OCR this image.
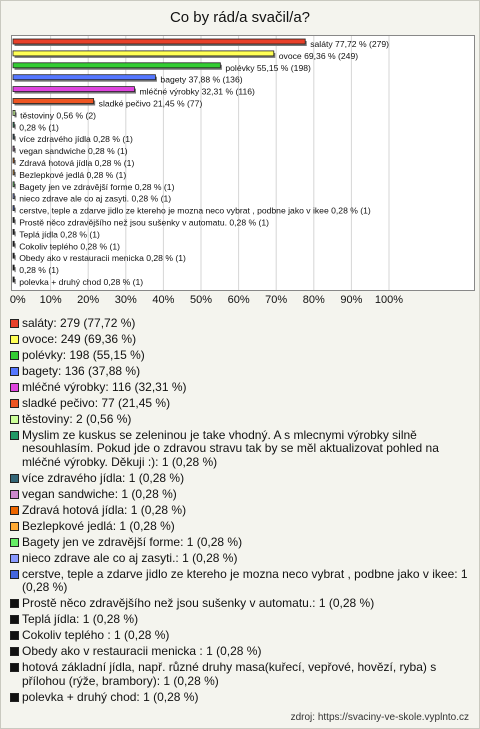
Co by rád/a svačil/a?
saláty 77,72 % (279)
ovoce 69,36 % (249)
polévky 55,15 % (198)
bagety 37,88 % (136)
mléčné výrobky 32,31 % (116)
sladké pečivo 21,45 % (77)
těstoviny 0,56 % (2)
0,28 % (1)
více zdravého jídla 0,28 % (1)
vegan sandwiche 0,28 % (1)
Zdravá hotová jídla 0,28 % (1)
Bezlepkové jedlá 0,28 % (1)
Bagety jen ve zdravější forme 0,28 % (1)
nieco zdrave ale co aj zasyti. 0,28 % (1)
cerstve, teple a zdarve jidlo ze ktereho je mozna neco vybrat , podbne jako v ikee 0,28 % (1)
Prostě něco zdravějšího než jsou sušenky v automatu. 0,28 % (1)
Teplá jídla 0,28 % (1)
Cokoliv teplého 0,28 % (1)
Obedy ako v restauracii menicka 0,28 % (1)
0,28 % (1)
polevka + druhý chod 0,28 % (1)
0% 10% 20% 30% 40% 50% 60% 70% 80% 90% 100%
saláty: 279 (77,72 %)
ovoce: 249 (69,36 %)
polévky: 198 (55,15 %)
bagety: 136 (37,88 %)
mléčné výrobky: 116 (32,31 %)
sladké pečivo: 77 (21,45 %)
těstoviny: 2 (0,56 %)
Myslim ze kuskus se zeleninou je take vhodný. A s mlecnymi výrobky silně nesouhlasím. Pokud jde o zdravou stravu tak by se měl aktualizovat pohled na mléčné výrobky. Děkuji :): 1 (0,28 %)
více zdravého jídla: 1 (0,28 %)
vegan sandwiche: 1 (0,28 %)
Zdravá hotová jídla: 1 (0,28 %)
Bezlepkové jedlá: 1 (0,28 %)
Bagety jen ve zdravější forme: 1 (0,28 %)
nieco zdrave ale co aj zasyti.: 1 (0,28 %)
cerstve, teple a zdarve jidlo ze ktereho je mozna neco vybrat , podbne jako v ikee: 1 (0,28 %)
Prostě něco zdravějšího než jsou sušenky v automatu.: 1 (0,28 %)
Teplá jídla: 1 (0,28 %)
Cokoliv teplého : 1 (0,28 %)
Obedy ako v restauracii menicka : 1 (0,28 %)
hotová základní jídla, např. různé druhy masa(kuřecí, vepřové, hovězí, ryba) s přílohou (rýže, brambory): 1 (0,28 %)
polevka + druhý chod: 1 (0,28 %)
zdroj: https://svaciny-ve-skole.vyplnto.cz
